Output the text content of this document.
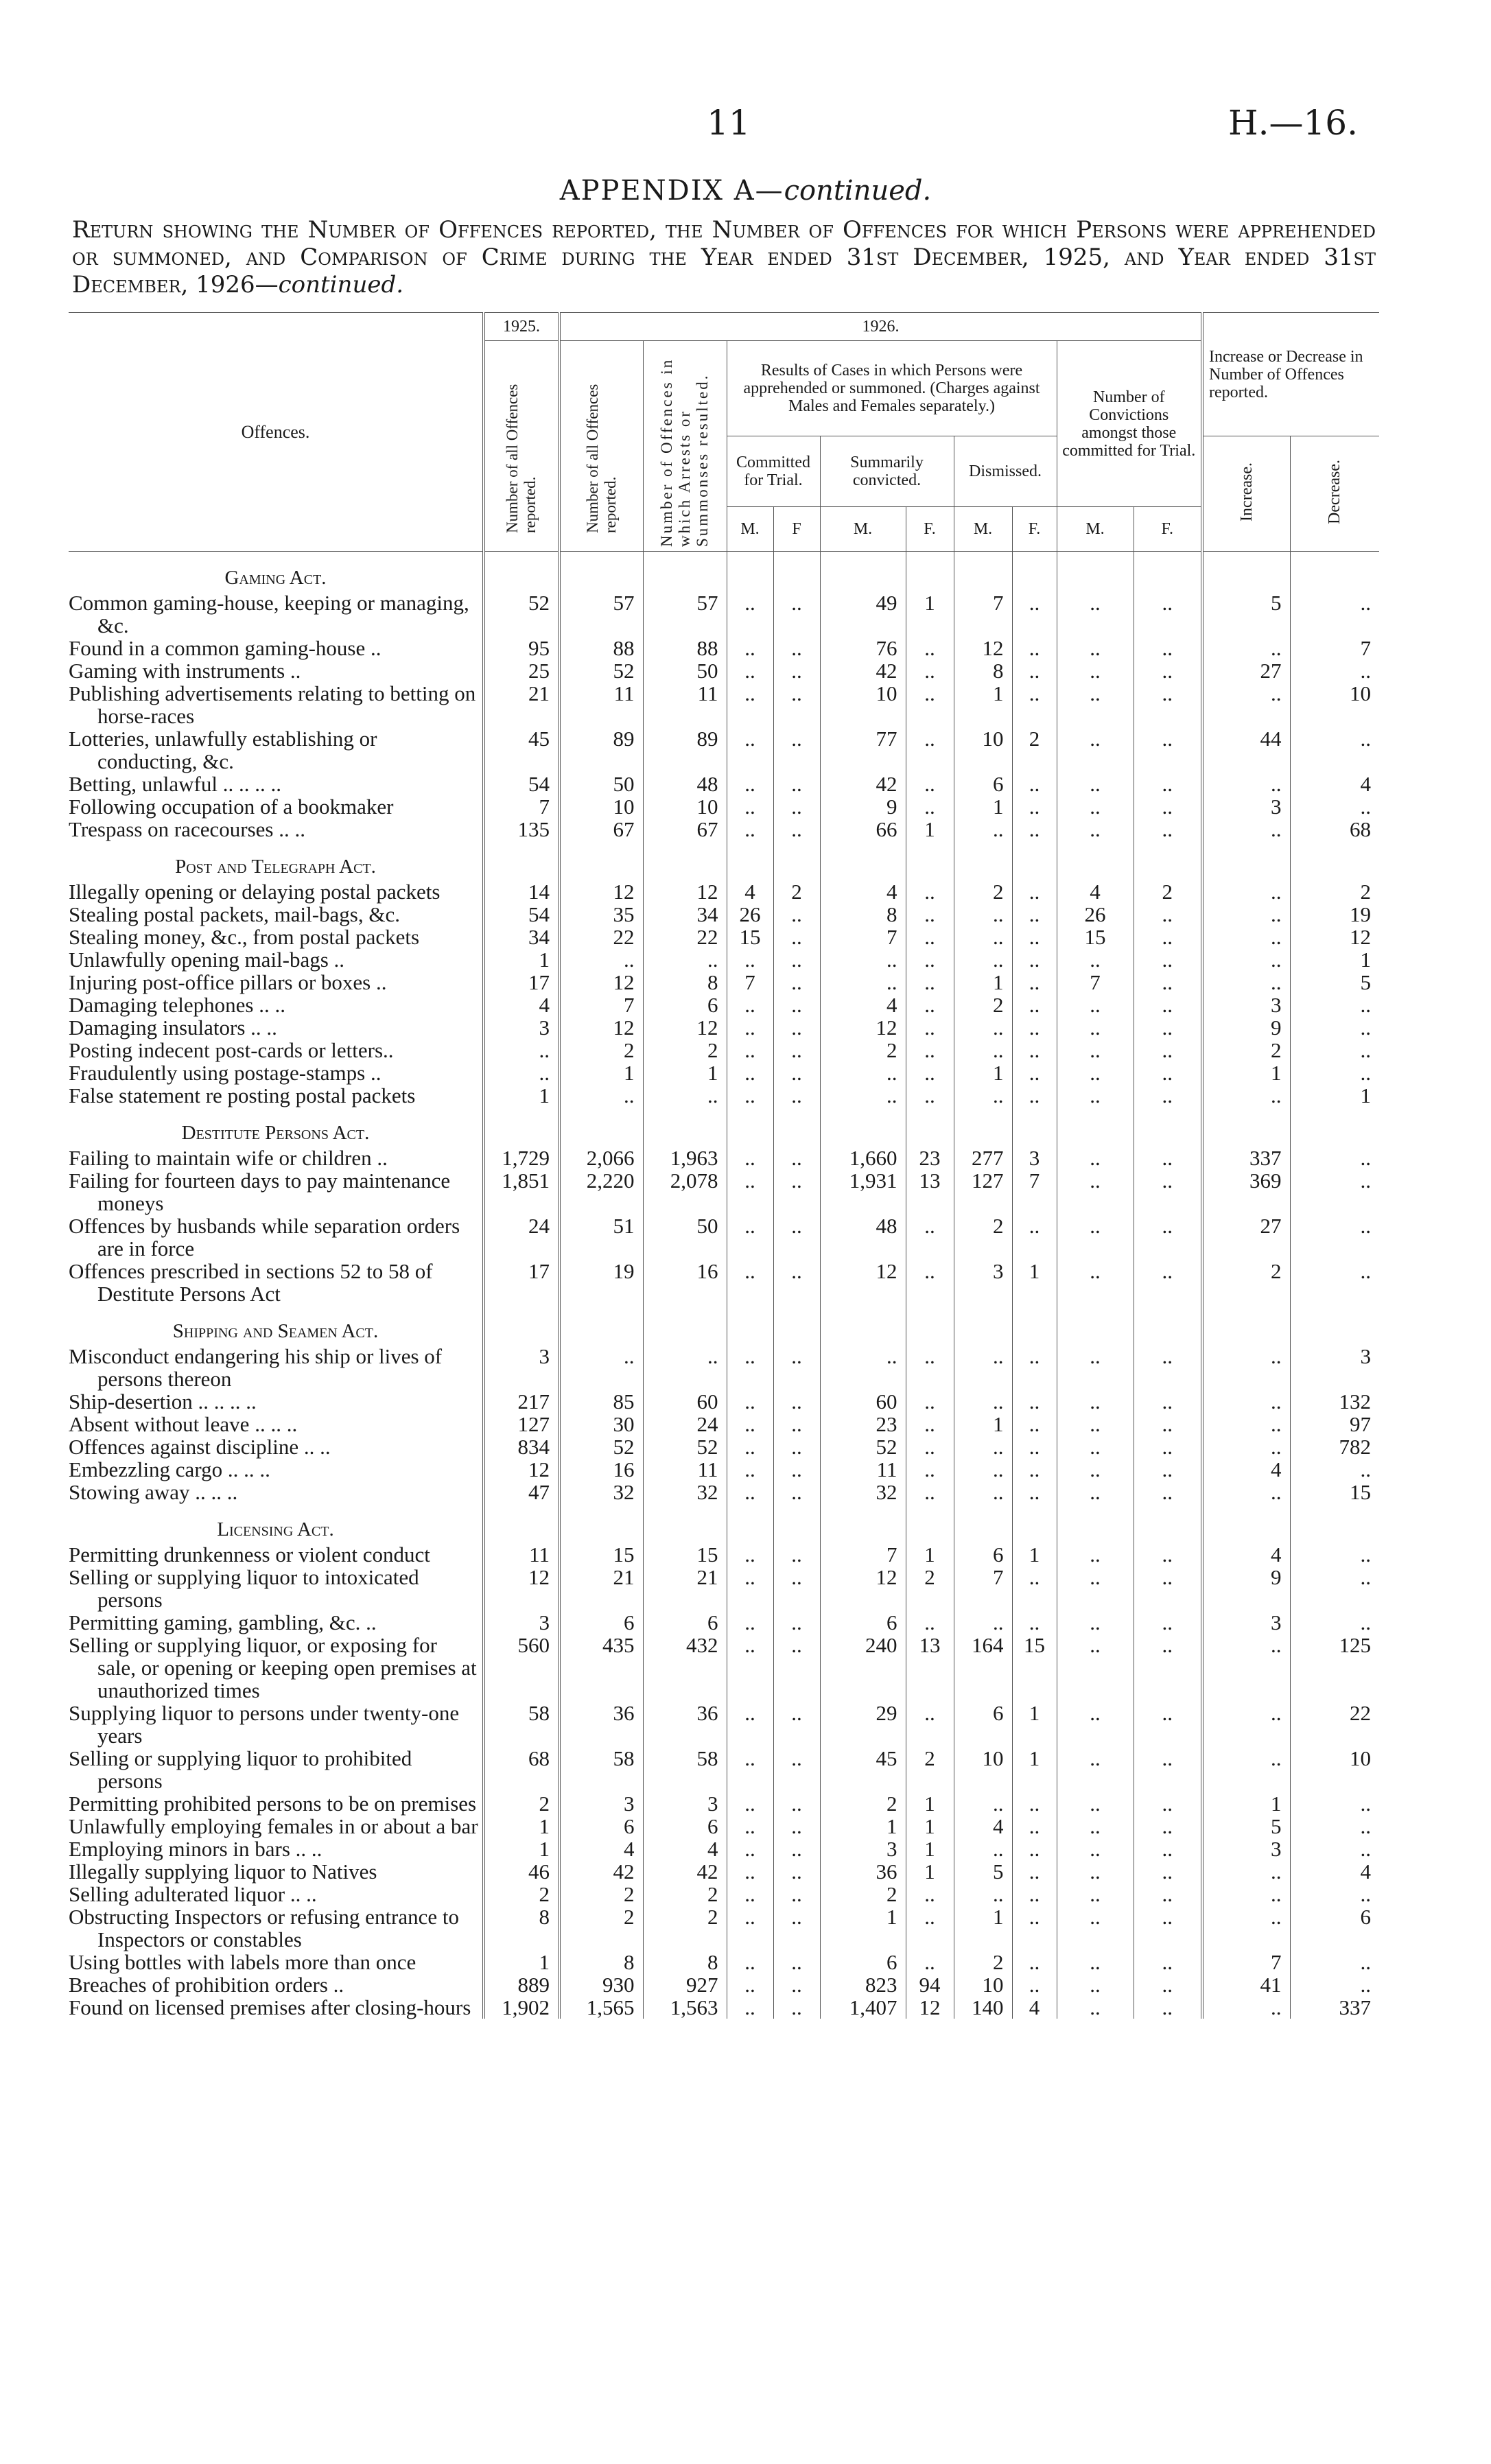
11	H.—16.
APPENDIX A—continued.
Return showing the Number of Offences reported, the Number of Offences for which Persons were apprehended or summoned, and Comparison of Crime during the Year ended 31st December, 1925, and Year ended 31st December, 1926—continued.
Offences.	1925.	1926.										Increase or Decrease in Number of Offences reported.	
	Number of all Offences reported.	Number of all Offences reported.	Number of Offences in which Arrests or Summonses resulted.	Results of Cases in which Persons were apprehended or summoned. (Charges against Males and Females separately.)						Number of Convictions amongst those committed for Trial.			
				Committed for Trial.		Summarily convicted.		Dismissed.				Increase.	Decrease.
				M.	F	M.	F.	M.	F.	M.	F.		
Gaming Act.													

Common gaming-house, keeping or managing, &c.	52	57	57	..	..	49	1	7	..	..	..	5	..

Found in a common gaming-house ..	95	88	88	..	..	76	..	12	..	..	..	..	7

Gaming with instruments ..	25	52	50	..	..	42	..	8	..	..	..	27	..

Publishing advertisements relating to betting on horse-races	21	11	11	..	..	10	..	1	..	..	..	..	10

Lotteries, unlawfully establishing or conducting, &c.	45	89	89	..	..	77	..	10	2	..	..	44	..

Betting, unlawful .. .. .. ..	54	50	48	..	..	42	..	6	..	..	..	..	4

Following occupation of a bookmaker	7	10	10	..	..	9	..	1	..	..	..	3	..

Trespass on racecourses .. ..	135	67	67	..	..	66	1	..	..	..	..	..	68
Post and Telegraph Act.													

Illegally opening or delaying postal packets	14	12	12	4	2	4	..	2	..	4	2	..	2

Stealing postal packets, mail-bags, &c.	54	35	34	26	..	8	..	..	..	26	..	..	19

Stealing money, &c., from postal packets	34	22	22	15	..	7	..	..	..	15	..	..	12

Unlawfully opening mail-bags ..	1	..	..	..	..	..	..	..	..	..	..	..	1

Injuring post-office pillars or boxes ..	17	12	8	7	..	..	..	1	..	7	..	..	5

Damaging telephones .. ..	4	7	6	..	..	4	..	2	..	..	..	3	..

Damaging insulators .. ..	3	12	12	..	..	12	..	..	..	..	..	9	..

Posting indecent post-cards or letters..	..	2	2	..	..	2	..	..	..	..	..	2	..

Fraudulently using postage-stamps ..	..	1	1	..	..	..	..	1	..	..	..	1	..

False statement re posting postal packets	1	..	..	..	..	..	..	..	..	..	..	..	1
Destitute Persons Act.													

Failing to maintain wife or children ..	1,729	2,066	1,963	..	..	1,660	23	277	3	..	..	337	..

Failing for fourteen days to pay maintenance moneys	1,851	2,220	2,078	..	..	1,931	13	127	7	..	..	369	..

Offences by husbands while separation orders are in force	24	51	50	..	..	48	..	2	..	..	..	27	..

Offences prescribed in sections 52 to 58 of Destitute Persons Act	17	19	16	..	..	12	..	3	1	..	..	2	..
Shipping and Seamen Act.													

Misconduct endangering his ship or lives of persons thereon	3	..	..	..	..	..	..	..	..	..	..	..	3

Ship-desertion .. .. .. ..	217	85	60	..	..	60	..	..	..	..	..	..	132

Absent without leave .. .. ..	127	30	24	..	..	23	..	1	..	..	..	..	97

Offences against discipline .. ..	834	52	52	..	..	52	..	..	..	..	..	..	782

Embezzling cargo .. .. ..	12	16	11	..	..	11	..	..	..	..	..	4	..

Stowing away .. .. ..	47	32	32	..	..	32	..	..	..	..	..	..	15
Licensing Act.													

Permitting drunkenness or violent conduct	11	15	15	..	..	7	1	6	1	..	..	4	..

Selling or supplying liquor to intoxicated persons	12	21	21	..	..	12	2	7	..	..	..	9	..

Permitting gaming, gambling, &c. ..	3	6	6	..	..	6	..	..	..	..	..	3	..

Selling or supplying liquor, or exposing for sale, or opening or keeping open premises at unauthorized times	560	435	432	..	..	240	13	164	15	..	..	..	125

Supplying liquor to persons under twenty-one years	58	36	36	..	..	29	..	6	1	..	..	..	22

Selling or supplying liquor to prohibited persons	68	58	58	..	..	45	2	10	1	..	..	..	10

Permitting prohibited persons to be on premises	2	3	3	..	..	2	1	..	..	..	..	1	..

Unlawfully employing females in or about a bar	1	6	6	..	..	1	1	4	..	..	..	5	..

Employing minors in bars .. ..	1	4	4	..	..	3	1	..	..	..	..	3	..

Illegally supplying liquor to Natives	46	42	42	..	..	36	1	5	..	..	..	..	4

Selling adulterated liquor .. ..	2	2	2	..	..	2	..	..	..	..	..	..	..

Obstructing Inspectors or refusing entrance to Inspectors or constables	8	2	2	..	..	1	..	1	..	..	..	..	6

Using bottles with labels more than once	1	8	8	..	..	6	..	2	..	..	..	7	..

Breaches of prohibition orders ..	889	930	927	..	..	823	94	10	..	..	..	41	..

Found on licensed premises after closing-hours	1,902	1,565	1,563	..	..	1,407	12	140	4	..	..	..	337
